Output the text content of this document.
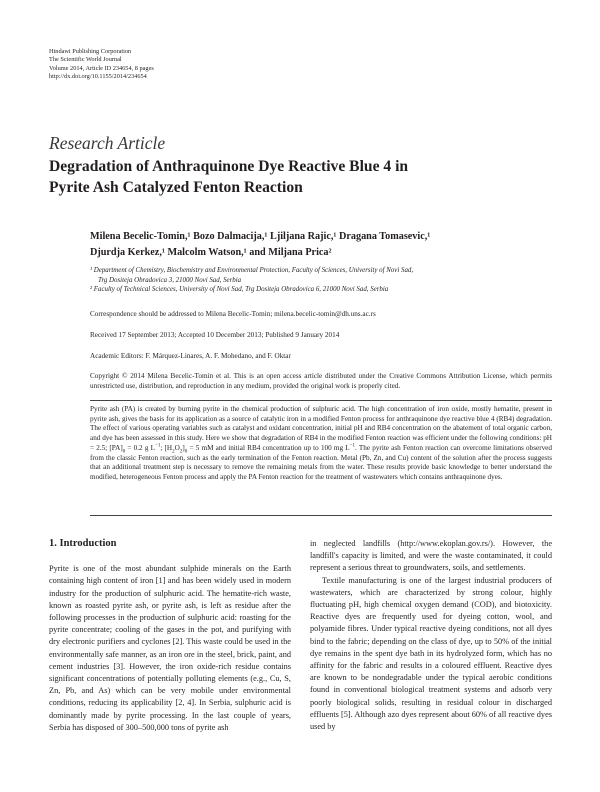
Hindawi Publishing Corporation
The Scientific World Journal
Volume 2014, Article ID 234654, 8 pages
http://dx.doi.org/10.1155/2014/234654
Research Article
Degradation of Anthraquinone Dye Reactive Blue 4 in
Pyrite Ash Catalyzed Fenton Reaction
Milena Becelic-Tomin,¹ Bozo Dalmacija,¹ Ljiljana Rajic,¹ Dragana Tomasevic,¹
Djurdja Kerkez,¹ Malcolm Watson,¹ and Miljana Prica²
¹ Department of Chemistry, Biochemistry and Environmental Protection, Faculty of Sciences, University of Novi Sad,
Trg Dositeja Obradovica 3, 21000 Novi Sad, Serbia
² Faculty of Technical Sciences, University of Novi Sad, Trg Dositeja Obradovica 6, 21000 Novi Sad, Serbia
Correspondence should be addressed to Milena Becelic-Tomin; milena.becelic-tomin@dh.uns.ac.rs
Received 17 September 2013; Accepted 10 December 2013; Published 9 January 2014
Academic Editors: F. Márquez-Linares, A. F. Mohedano, and F. Oktar
Copyright © 2014 Milena Becelic-Tomin et al. This is an open access article distributed under the Creative Commons Attribution License, which permits unrestricted use, distribution, and reproduction in any medium, provided the original work is properly cited.
Pyrite ash (PA) is created by burning pyrite in the chemical production of sulphuric acid. The high concentration of iron oxide, mostly hematite, present in pyrite ash, gives the basis for its application as a source of catalytic iron in a modified Fenton process for anthraquinone dye reactive blue 4 (RB4) degradation. The effect of various operating variables such as catalyst and oxidant concentration, initial pH and RB4 concentration on the abatement of total organic carbon, and dye has been assessed in this study. Here we show that degradation of RB4 in the modified Fenton reaction was efficient under the following conditions: pH = 2.5; $[PA]_0 = 0.2$ g $L^{-1}$; $[H_2O_2]_0 = 5$ mM and initial RB4 concentration up to 100 mg $L^{-1}$. The pyrite ash Fenton reaction can overcome limitations observed from the classic Fenton reaction, such as the early termination of the Fenton reaction. Metal (Pb, Zn, and Cu) content of the solution after the process suggests that an additional treatment step is necessary to remove the remaining metals from the water. These results provide basic knowledge to better understand the modified, heterogeneous Fenton process and apply the PA Fenton reaction for the treatment of wastewaters which contains anthraquinone dyes.
1. Introduction

Pyrite is one of the most abundant sulphide minerals on the Earth containing high content of iron [1] and has been widely used in modern industry for the production of sulphuric acid. The hematite-rich waste, known as roasted pyrite ash, or pyrite ash, is left as residue after the following processes in the production of sulphuric acid: roasting for the pyrite concentrate; cooling of the gases in the pot, and purifying with dry electronic purifiers and cyclones [2]. This waste could be used in the environmentally safe manner, as an iron ore in the steel, brick, paint, and cement industries [3]. However, the iron oxide-rich residue contains significant concentrations of potentially polluting elements (e.g., Cu, S, Zn, Pb, and As) which can be very mobile under environmental conditions, reducing its applicability [2, 4]. In Serbia, sulphuric acid is dominantly made by pyrite processing. In the last couple of years, Serbia has disposed of 300–500,000 tons of pyrite ash

in neglected landfills (http://www.ekoplan.gov.rs/). However, the landfill's capacity is limited, and were the waste contaminated, it could represent a serious threat to groundwaters, soils, and settlements.

Textile manufacturing is one of the largest industrial producers of wastewaters, which are characterized by strong colour, highly fluctuating pH, high chemical oxygen demand (COD), and biotoxicity. Reactive dyes are frequently used for dyeing cotton, wool, and polyamide fibres. Under typical reactive dyeing conditions, not all dyes bind to the fabric; depending on the class of dye, up to 50% of the initial dye remains in the spent dye bath in its hydrolyzed form, which has no affinity for the fabric and results in a coloured effluent. Reactive dyes are known to be nondegradable under the typical aerobic conditions found in conventional biological treatment systems and adsorb very poorly biological solids, resulting in residual colour in discharged effluents [5]. Although azo dyes represent about 60% of all reactive dyes used by
